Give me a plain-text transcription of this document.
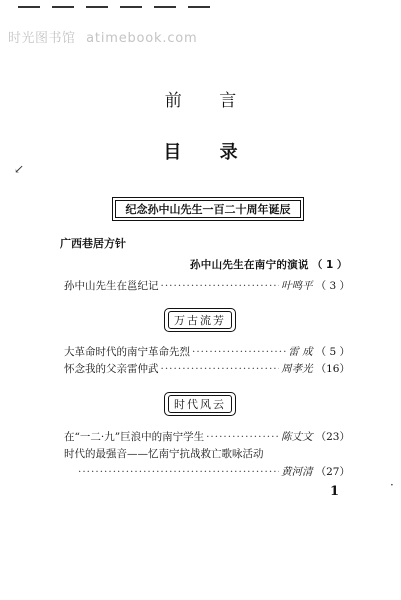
时光图书馆 atimebook.com
↙
·
前 言
目 录
纪念孙中山先生一百二十周年诞辰
广西巷居方针
孙中山先生在南宁的演说 （ 1 ）
孙中山先生在邕纪记 ·····	叶鸣平 （ 3 ）
万古流芳
大革命时代的南宁革命先烈 ·····	雷 成 （ 5 ）
怀念我的父亲雷仲武 ·····	周孝光 （16）
时代风云
在“一二·九”巨浪中的南宁学生 ·····	陈丈文 （23）
时代的最强音——忆南宁抗战救亡歌咏活动
·····
黄河清 （27）
1
